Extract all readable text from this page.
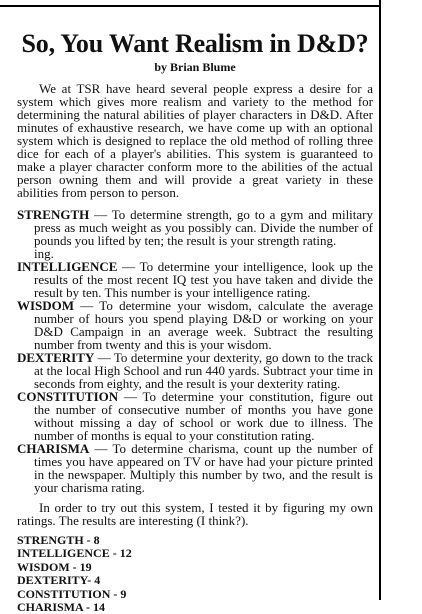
So, You Want Realism in D&D?
by Brian Blume

We at TSR have heard several people express a desire for a system which gives more realism and variety to the method for determining the natural abilities of player characters in D&D. After minutes of exhaustive research, we have come up with an optional system which is designed to replace the old method of rolling three dice for each of a player's abilities. This system is guaranteed to make a player character conform more to the abilities of the actual person owning them and will provide a great variety in these abilities from person to person.

STRENGTH — To determine strength, go to a gym and military press as much weight as you possibly can. Divide the number of pounds you lifted by ten; the result is your strength rating.

ing.

INTELLIGENCE — To determine your intelligence, look up the results of the most recent IQ test you have taken and divide the result by ten. This number is your intelligence rating.

WISDOM — To determine your wisdom, calculate the average number of hours you spend playing D&D or working on your D&D Campaign in an average week. Subtract the resulting number from twenty and this is your wisdom.

DEXTERITY — To determine your dexterity, go down to the track at the local High School and run 440 yards. Subtract your time in seconds from eighty, and the result is your dexterity rating.

CONSTITUTION — To determine your constitution, figure out the number of consecutive number of months you have gone without missing a day of school or work due to illness. The number of months is equal to your constitution rating.

CHARISMA — To determine charisma, count up the number of times you have appeared on TV or have had your picture printed in the newspaper. Multiply this number by two, and the result is your charisma rating.

In order to try out this system, I tested it by figuring my own ratings. The results are interesting (I think?).

STRENGTH - 8

INTELLIGENCE - 12

WISDOM - 19

DEXTERITY- 4

CONSTITUTION - 9

CHARISMA - 14
